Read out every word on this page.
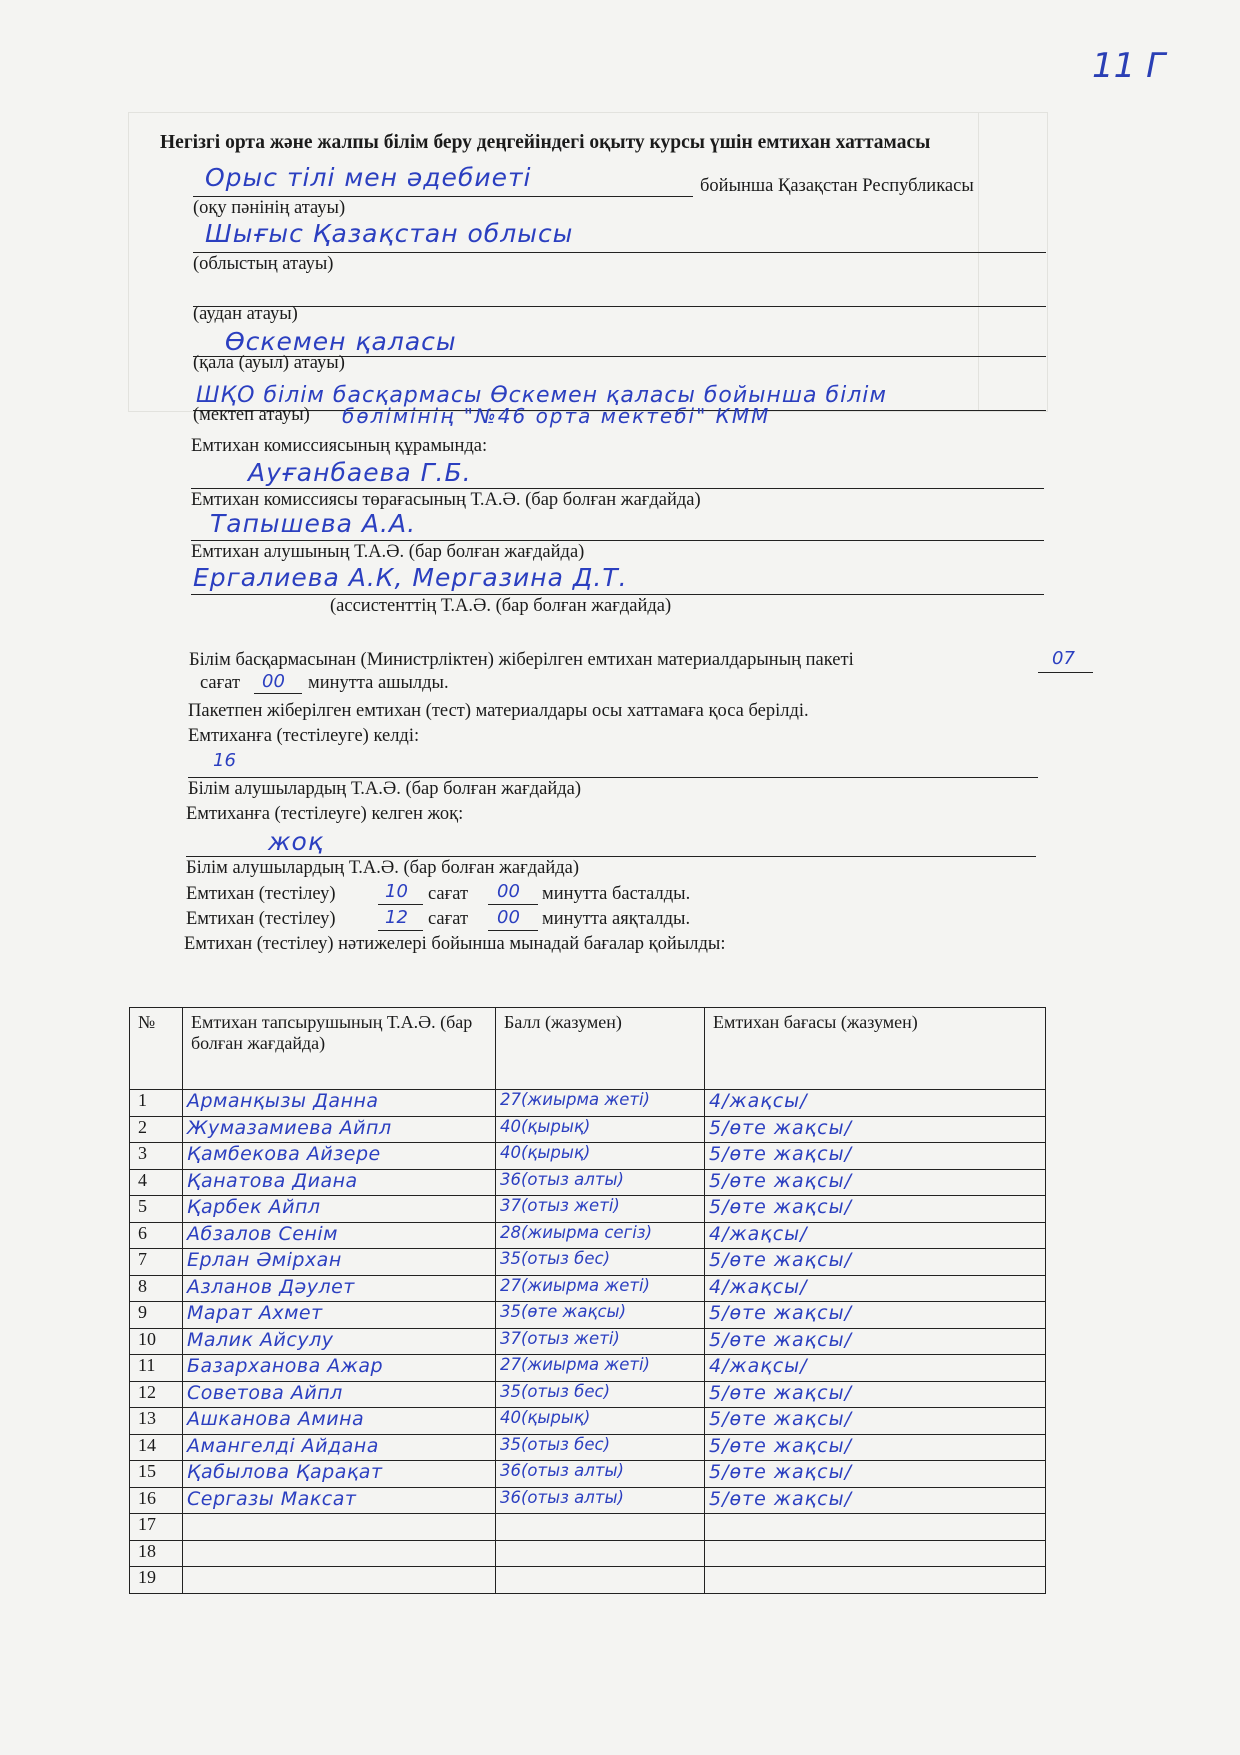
11 Г
Негізгі орта және жалпы білім беру деңгейіндегі оқыту курсы үшін емтихан хаттамасы
Орыс тілі мен әдебиеті	бойынша Қазақстан Республикасы
(оқу пәнінің атауы)
Шығыс Қазақстан облысы
(облыстың атауы)
(аудан атауы)
Өскемен қаласы
(қала (ауыл) атауы)
ШҚО білім басқармасы Өскемен қаласы бойынша білім
(мектеп атауы) бөлімінің "№46 орта мектебі" КММ
Емтихан комиссиясының құрамында:
Ауғанбаева Г.Б.
Емтихан комиссиясы төрағасының Т.А.Ә. (бар болған жағдайда)
Тапышева А.А.
Емтихан алушының Т.А.Ә. (бар болған жағдайда)
Ергалиева А.К, Мергазина Д.Т.
(ассистенттің Т.А.Ә. (бар болған жағдайда)
Білім басқармасынан (Министрліктен) жіберілген емтихан материалдарының пакеті	07
сағат 00 минутта ашылды.
Пакетпен жіберілген емтихан (тест) материалдары осы хаттамаға қоса берілді.
Емтиханға (тестілеуге) келді:
16
Білім алушылардың Т.А.Ә. (бар болған жағдайда)
Емтиханға (тестілеуге) келген жоқ:
жоқ
Білім алушылардың Т.А.Ә. (бар болған жағдайда)
Емтихан (тестілеу)	10 сағат 00 минутта басталды.
Емтихан (тестілеу)	12 сағат 00 минутта аяқталды.
Емтихан (тестілеу) нәтижелері бойынша мынадай бағалар қойылды:
№	Емтихан тапсырушының Т.А.Ә. (бар болған жағдайда)	Балл (жазумен)	Емтихан бағасы (жазумен)
1	Арманқызы Данна	27(жиырма жеті)	4/жақсы/
2	Жумазамиева Айпл	40(қырық)	5/өте жақсы/
3	Қамбекова Айзере	40(қырық)	5/өте жақсы/
4	Қанатова Диана	36(отыз алты)	5/өте жақсы/
5	Қарбек Айпл	37(отыз жеті)	5/өте жақсы/
6	Абзалов Сенім	28(жиырма сегіз)	4/жақсы/
7	Ерлан Әмірхан	35(отыз бес)	5/өте жақсы/
8	Азланов Дәулет	27(жиырма жеті)	4/жақсы/
9	Марат Ахмет	35(өте жақсы)	5/өте жақсы/
10	Малик Айсулу	37(отыз жеті)	5/өте жақсы/
11	Базарханова Ажар	27(жиырма жеті)	4/жақсы/
12	Советова Айпл	35(отыз бес)	5/өте жақсы/
13	Ашканова Амина	40(қырық)	5/өте жақсы/
14	Амангелді Айдана	35(отыз бес)	5/өте жақсы/
15	Қабылова Қарақат	36(отыз алты)	5/өте жақсы/
16	Сергазы Максат	36(отыз алты)	5/өте жақсы/
17			
18			
19			
